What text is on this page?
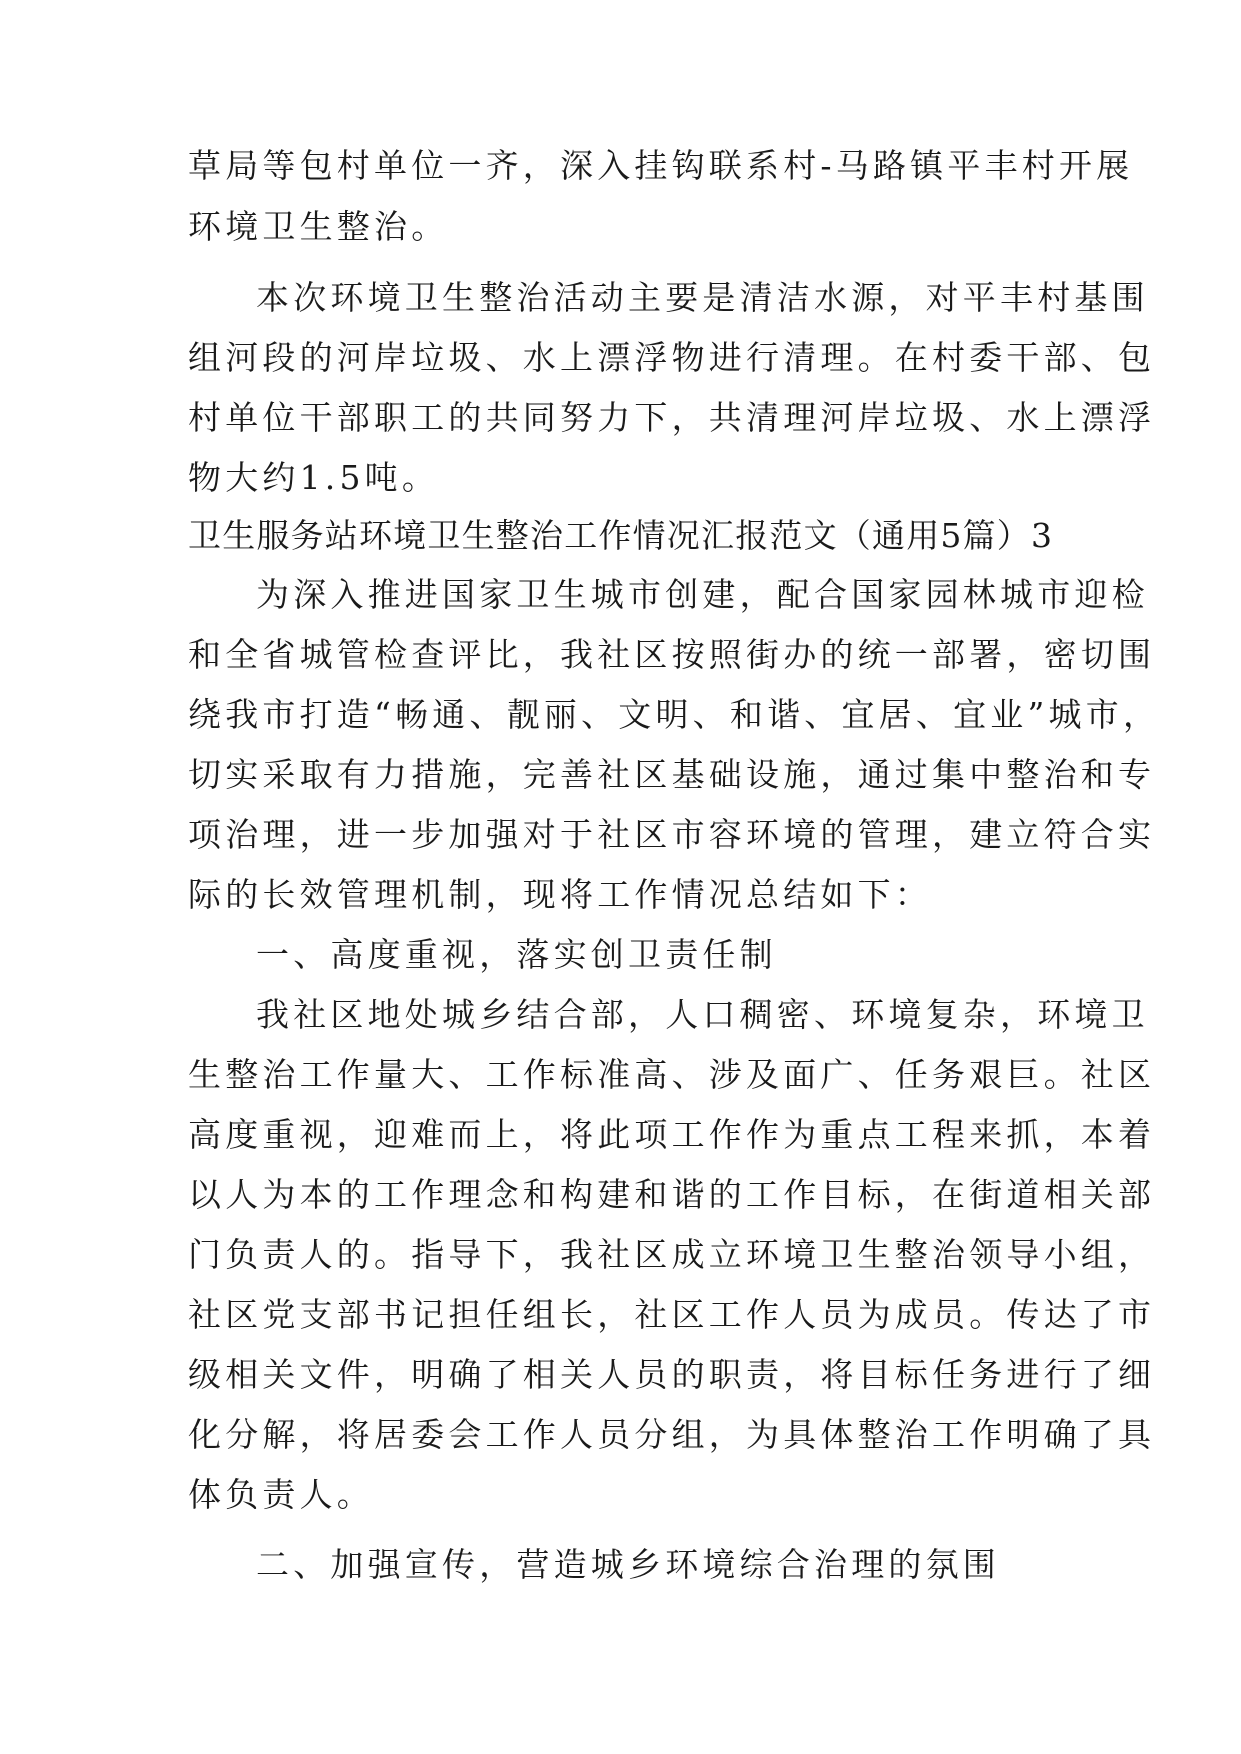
草局等包村单位一齐，深入挂钩联系村-马路镇平丰村开展
环境卫生整治。
本次环境卫生整治活动主要是清洁水源，对平丰村基围
组河段的河岸垃圾、水上漂浮物进行清理。在村委干部、包
村单位干部职工的共同努力下，共清理河岸垃圾、水上漂浮
物大约1.5吨。
卫生服务站环境卫生整治工作情况汇报范文（通用5篇）3
为深入推进国家卫生城市创建，配合国家园林城市迎检
和全省城管检查评比，我社区按照街办的统一部署，密切围
绕我市打造“畅通、靓丽、文明、和谐、宜居、宜业”城市，
切实采取有力措施，完善社区基础设施，通过集中整治和专
项治理，进一步加强对于社区市容环境的管理，建立符合实
际的长效管理机制，现将工作情况总结如下：
一、高度重视，落实创卫责任制
我社区地处城乡结合部，人口稠密、环境复杂，环境卫
生整治工作量大、工作标准高、涉及面广、任务艰巨。社区
高度重视，迎难而上，将此项工作作为重点工程来抓，本着
以人为本的工作理念和构建和谐的工作目标，在街道相关部
门负责人的。指导下，我社区成立环境卫生整治领导小组，
社区党支部书记担任组长，社区工作人员为成员。传达了市
级相关文件，明确了相关人员的职责，将目标任务进行了细
化分解，将居委会工作人员分组，为具体整治工作明确了具
体负责人。
二、加强宣传，营造城乡环境综合治理的氛围
